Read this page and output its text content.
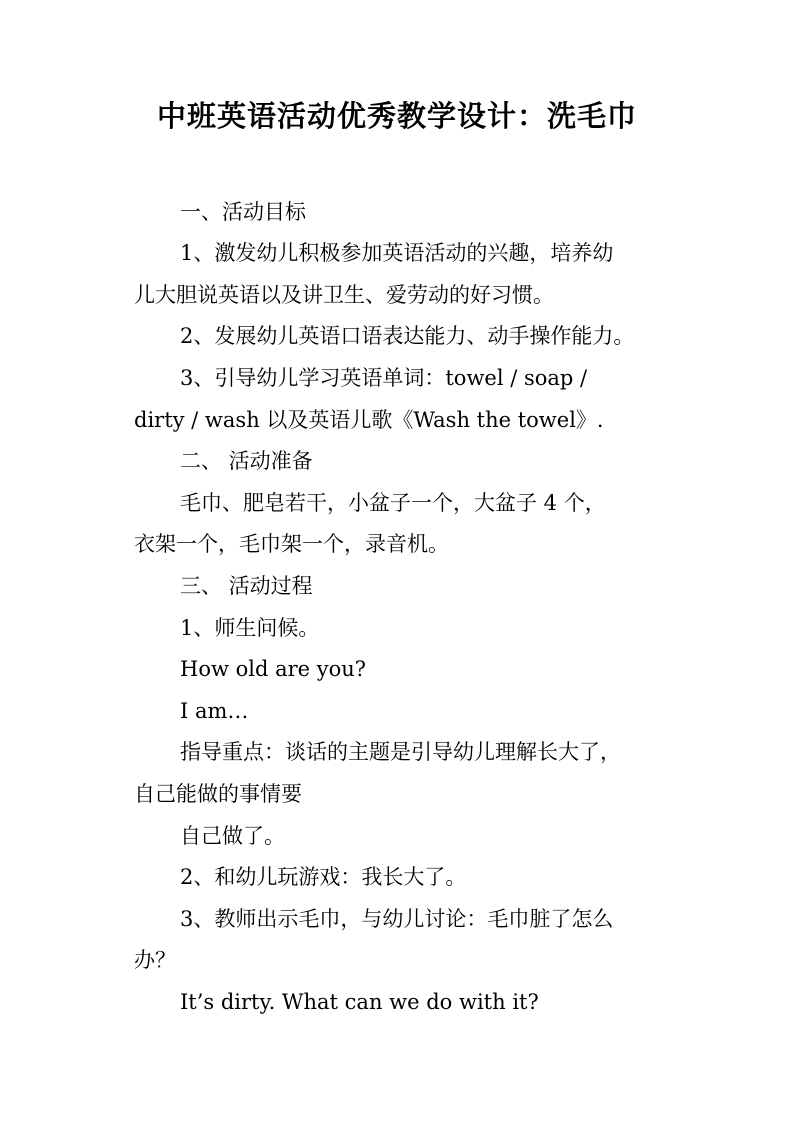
中班英语活动优秀教学设计：洗毛巾
一、活动目标
1、激发幼儿积极参加英语活动的兴趣，培养幼
儿大胆说英语以及讲卫生、爱劳动的好习惯。
2、发展幼儿英语口语表达能力、动手操作能力。
3、引导幼儿学习英语单词：towel / soap /
dirty / wash 以及英语儿歌《Wash the towel》.
二、 活动准备
毛巾、肥皂若干，小盆子一个，大盆子 4 个，
衣架一个，毛巾架一个，录音机。
三、 活动过程
1、师生问候。
How old are you?
I am…
指导重点：谈话的主题是引导幼儿理解长大了，
自己能做的事情要
自己做了。
2、和幼儿玩游戏：我长大了。
3、教师出示毛巾，与幼儿讨论：毛巾脏了怎么
办？
It’s dirty. What can we do with it?
